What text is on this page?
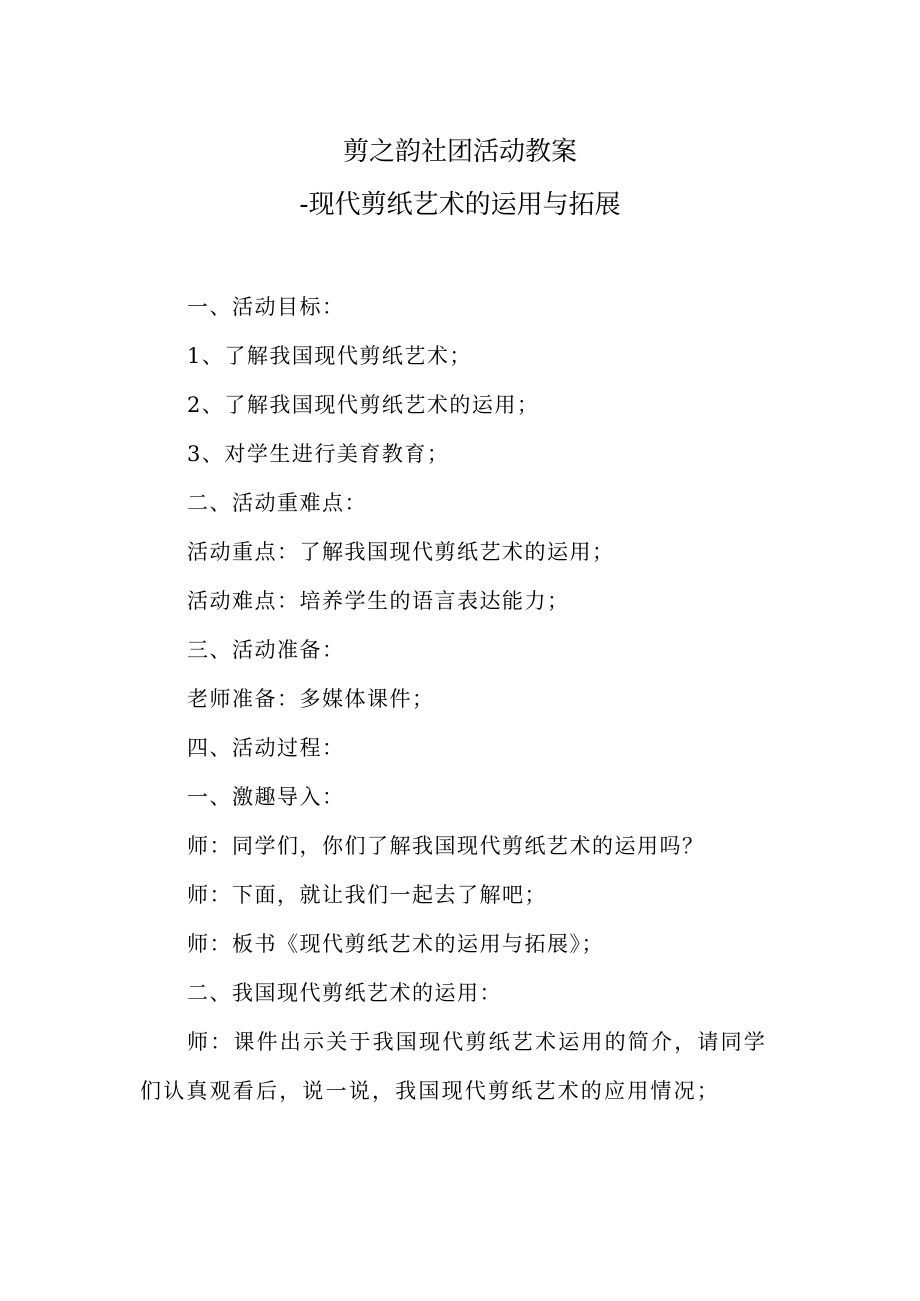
剪之韵社团活动教案
-现代剪纸艺术的运用与拓展
一、活动目标：
1、了解我国现代剪纸艺术；
2、了解我国现代剪纸艺术的运用；
3、对学生进行美育教育；
二、活动重难点：
活动重点：了解我国现代剪纸艺术的运用；
活动难点：培养学生的语言表达能力；
三、活动准备：
老师准备：多媒体课件；
四、活动过程：
一、激趣导入：
师：同学们，你们了解我国现代剪纸艺术的运用吗？
师：下面，就让我们一起去了解吧；
师：板书《现代剪纸艺术的运用与拓展》；
二、我国现代剪纸艺术的运用：
师：课件出示关于我国现代剪纸艺术运用的简介，请同学们认真观看后，说一说，我国现代剪纸艺术的应用情况；
